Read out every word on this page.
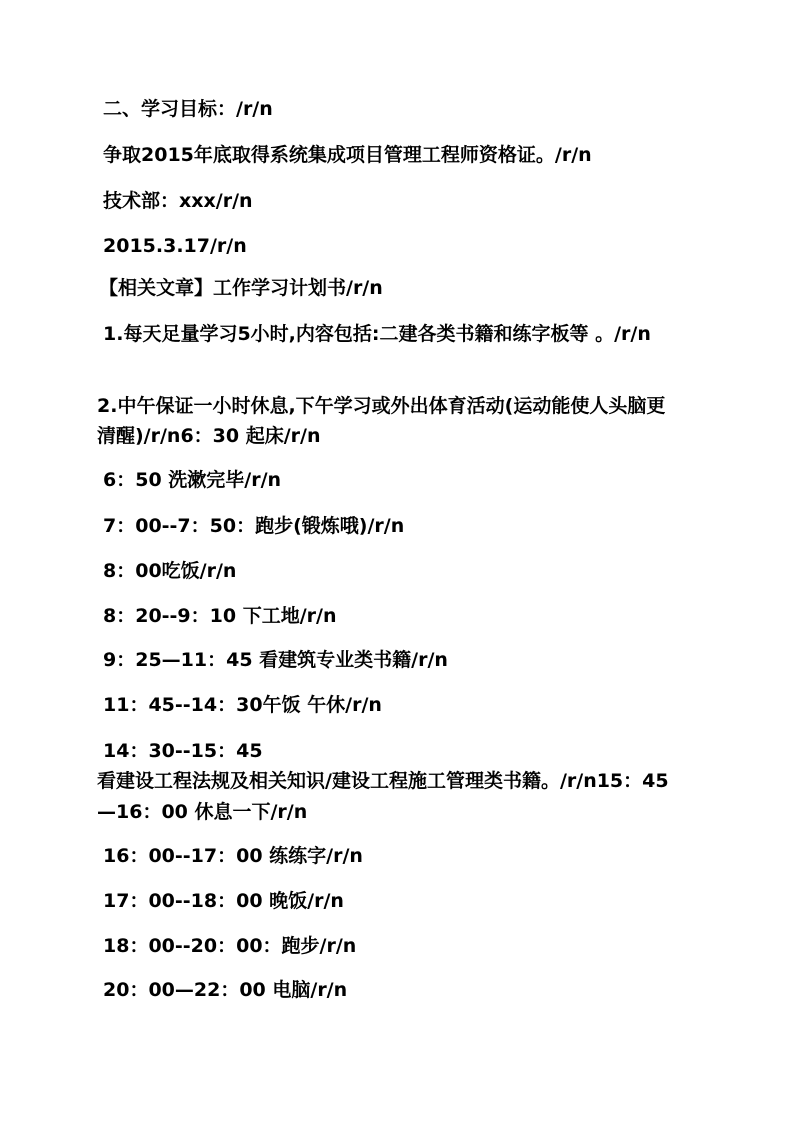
二、学习目标：/r/n
争取2015年底取得系统集成项目管理工程师资格证。/r/n
技术部：xxx/r/n
2015.3.17/r/n
【相关文章】工作学习计划书/r/n
1.每天足量学习5小时,内容包括:二建各类书籍和练字板等 。/r/n
2.中午保证一小时休息,下午学习或外出体育活动(运动能使人头脑更
清醒)/r/n6：30 起床/r/n
6：50 洗漱完毕/r/n
7：00--7：50：跑步(锻炼哦)/r/n
8：00吃饭/r/n
8：20--9：10 下工地/r/n
9：25—11：45 看建筑专业类书籍/r/n
11：45--14：30午饭 午休/r/n
14：30--15：45
看建设工程法规及相关知识/建设工程施工管理类书籍。/r/n15：45
—16：00 休息一下/r/n
16：00--17：00 练练字/r/n
17：00--18：00 晚饭/r/n
18：00--20：00：跑步/r/n
20：00—22：00 电脑/r/n
